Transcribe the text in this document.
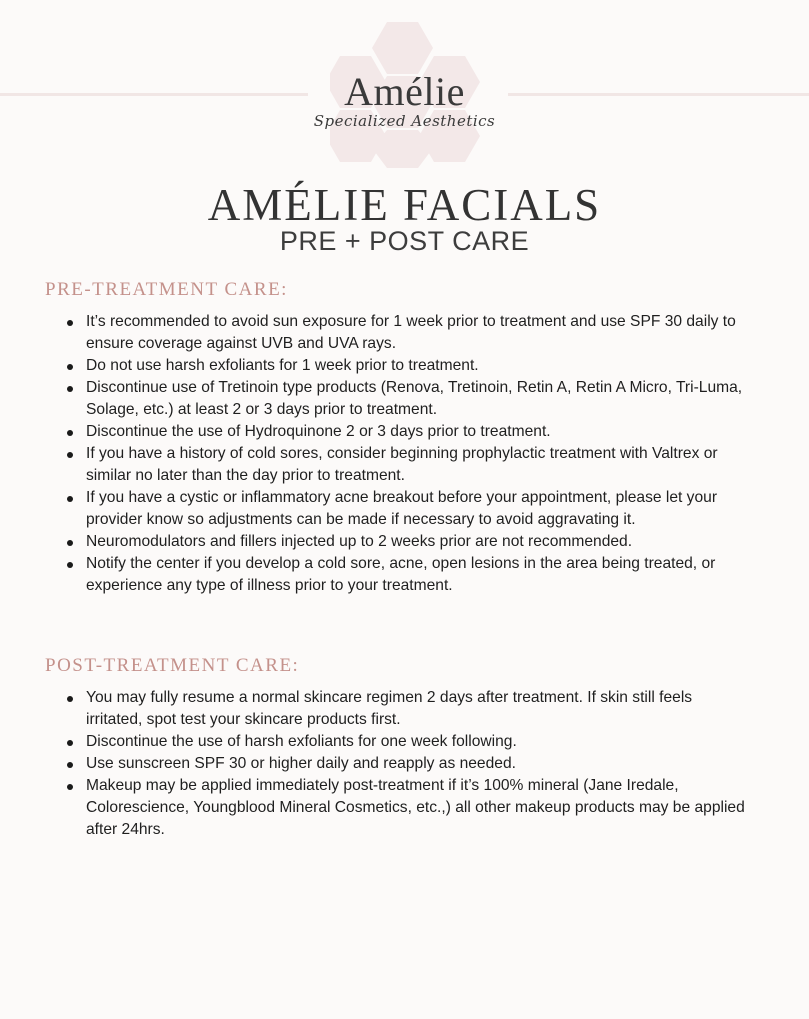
Amélie
Specialized Aesthetics
AMÉLIE FACIALS
PRE + POST CARE
PRE-TREATMENT CARE:
It’s recommended to avoid sun exposure for 1 week prior to treatment and use SPF 30 daily to ensure coverage against UVB and UVA rays.
Do not use harsh exfoliants for 1 week prior to treatment.
Discontinue use of Tretinoin type products (Renova, Tretinoin, Retin A, Retin A Micro, Tri-Luma, Solage, etc.) at least 2 or 3 days prior to treatment.
Discontinue the use of Hydroquinone 2 or 3 days prior to treatment.
If you have a history of cold sores, consider beginning prophylactic treatment with Valtrex or similar no later than the day prior to treatment.
If you have a cystic or inflammatory acne breakout before your appointment, please let your provider know so adjustments can be made if necessary to avoid aggravating it.
Neuromodulators and fillers injected up to 2 weeks prior are not recommended.
Notify the center if you develop a cold sore, acne, open lesions in the area being treated, or experience any type of illness prior to your treatment.
POST-TREATMENT CARE:
You may fully resume a normal skincare regimen 2 days after treatment. If skin still feels irritated, spot test your skincare products first.
Discontinue the use of harsh exfoliants for one week following.
Use sunscreen SPF 30 or higher daily and reapply as needed.
Makeup may be applied immediately post-treatment if it’s 100% mineral (Jane Iredale, Colorescience, Youngblood Mineral Cosmetics, etc.,) all other makeup products may be applied after 24hrs.
